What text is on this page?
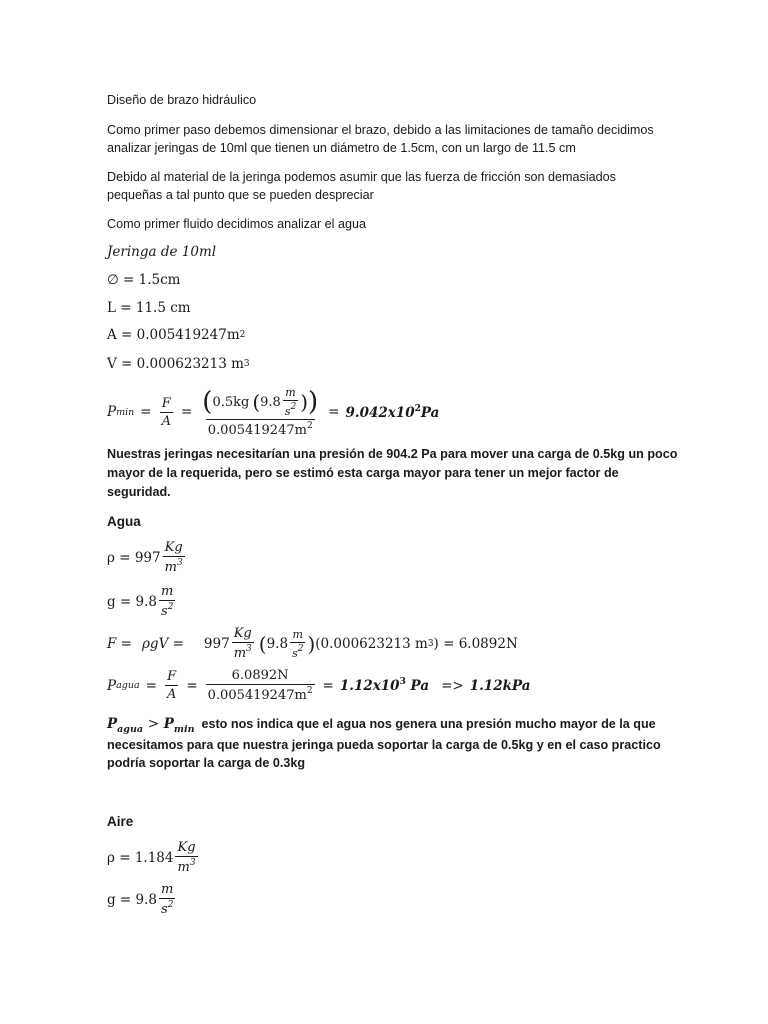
Diseño de brazo hidráulico
Como primer paso debemos dimensionar el brazo, debido a las limitaciones de tamaño decidimos
analizar jeringas de 10ml que tienen un diámetro de 1.5cm, con un largo de 11.5 cm
Debido al material de la jeringa podemos asumir que las fuerza de fricción son demasiados
pequeñas a tal punto que se pueden despreciar
Como primer fluido decidimos analizar el agua
Jeringa de 10ml
∅ = 1.5cm
L = 11.5 cm
A = 0.005419247m 2
V = 0.000623213 m 3
P $\min = \frac{F}{A} = \frac{( 0.5kg ( 9.8 \frac{m}{s^2} ) )}{0.005419247m^2} = 9.042x10^2Pa$
Nuestras jeringas necesitarían una presión de 904.2 Pa para mover una carga de 0.5kg un poco
mayor de la requerida, pero se estimó esta carga mayor para tener un mejor factor de
seguridad.
Agua
$\rho = 997 \frac{Kg}{m^3}$
$g = 9.8 \frac{m}{s^2}$
$F = \rho gV = 997 \frac{Kg}{m^3}$ ( $9.8 \frac{m}{s^2}$ ) (0.000623213 m 3 ) = 6.0892N
P agua = $\frac{F}{A} = \frac{6.0892N}{0.005419247m^2} = 1.12x10^3$ Pa => 1.12kPa
$P_{agua} > P_{min}$ esto nos indica que el agua nos genera una presión mucho mayor de la que
necesitamos para que nuestra jeringa pueda soportar la carga de 0.5kg y en el caso practico
podría soportar la carga de 0.3kg
Aire
$\rho = 1.184 \frac{Kg}{m^3}$
$g = 9.8 \frac{m}{s^2}$
